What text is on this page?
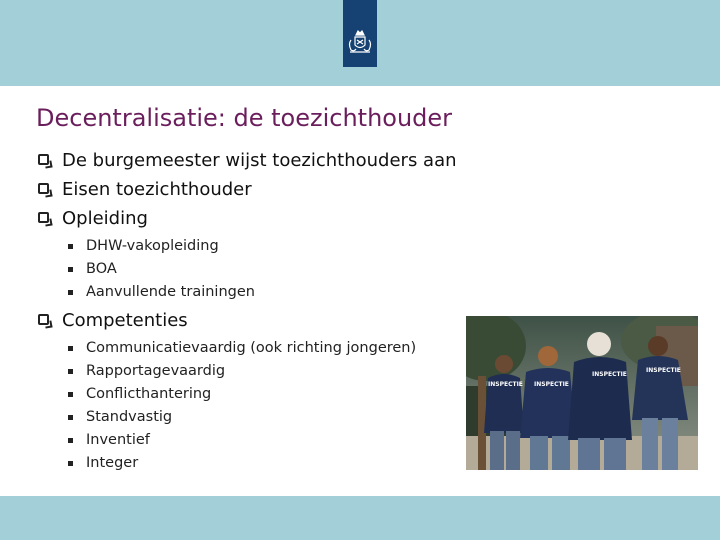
Decentralisatie: de toezichthouder
De burgemeester wijst toezichthouders aan
Eisen toezichthouder
Opleiding
DHW-vakopleiding
BOA
Aanvullende trainingen
Competenties
Communicatievaardig (ook richting jongeren)
Rapportagevaardig
Conflicthantering
Standvastig
Inventief
Integer
INSPECTIE INSPECTIE
INSPECTIE
INSPECTIE
